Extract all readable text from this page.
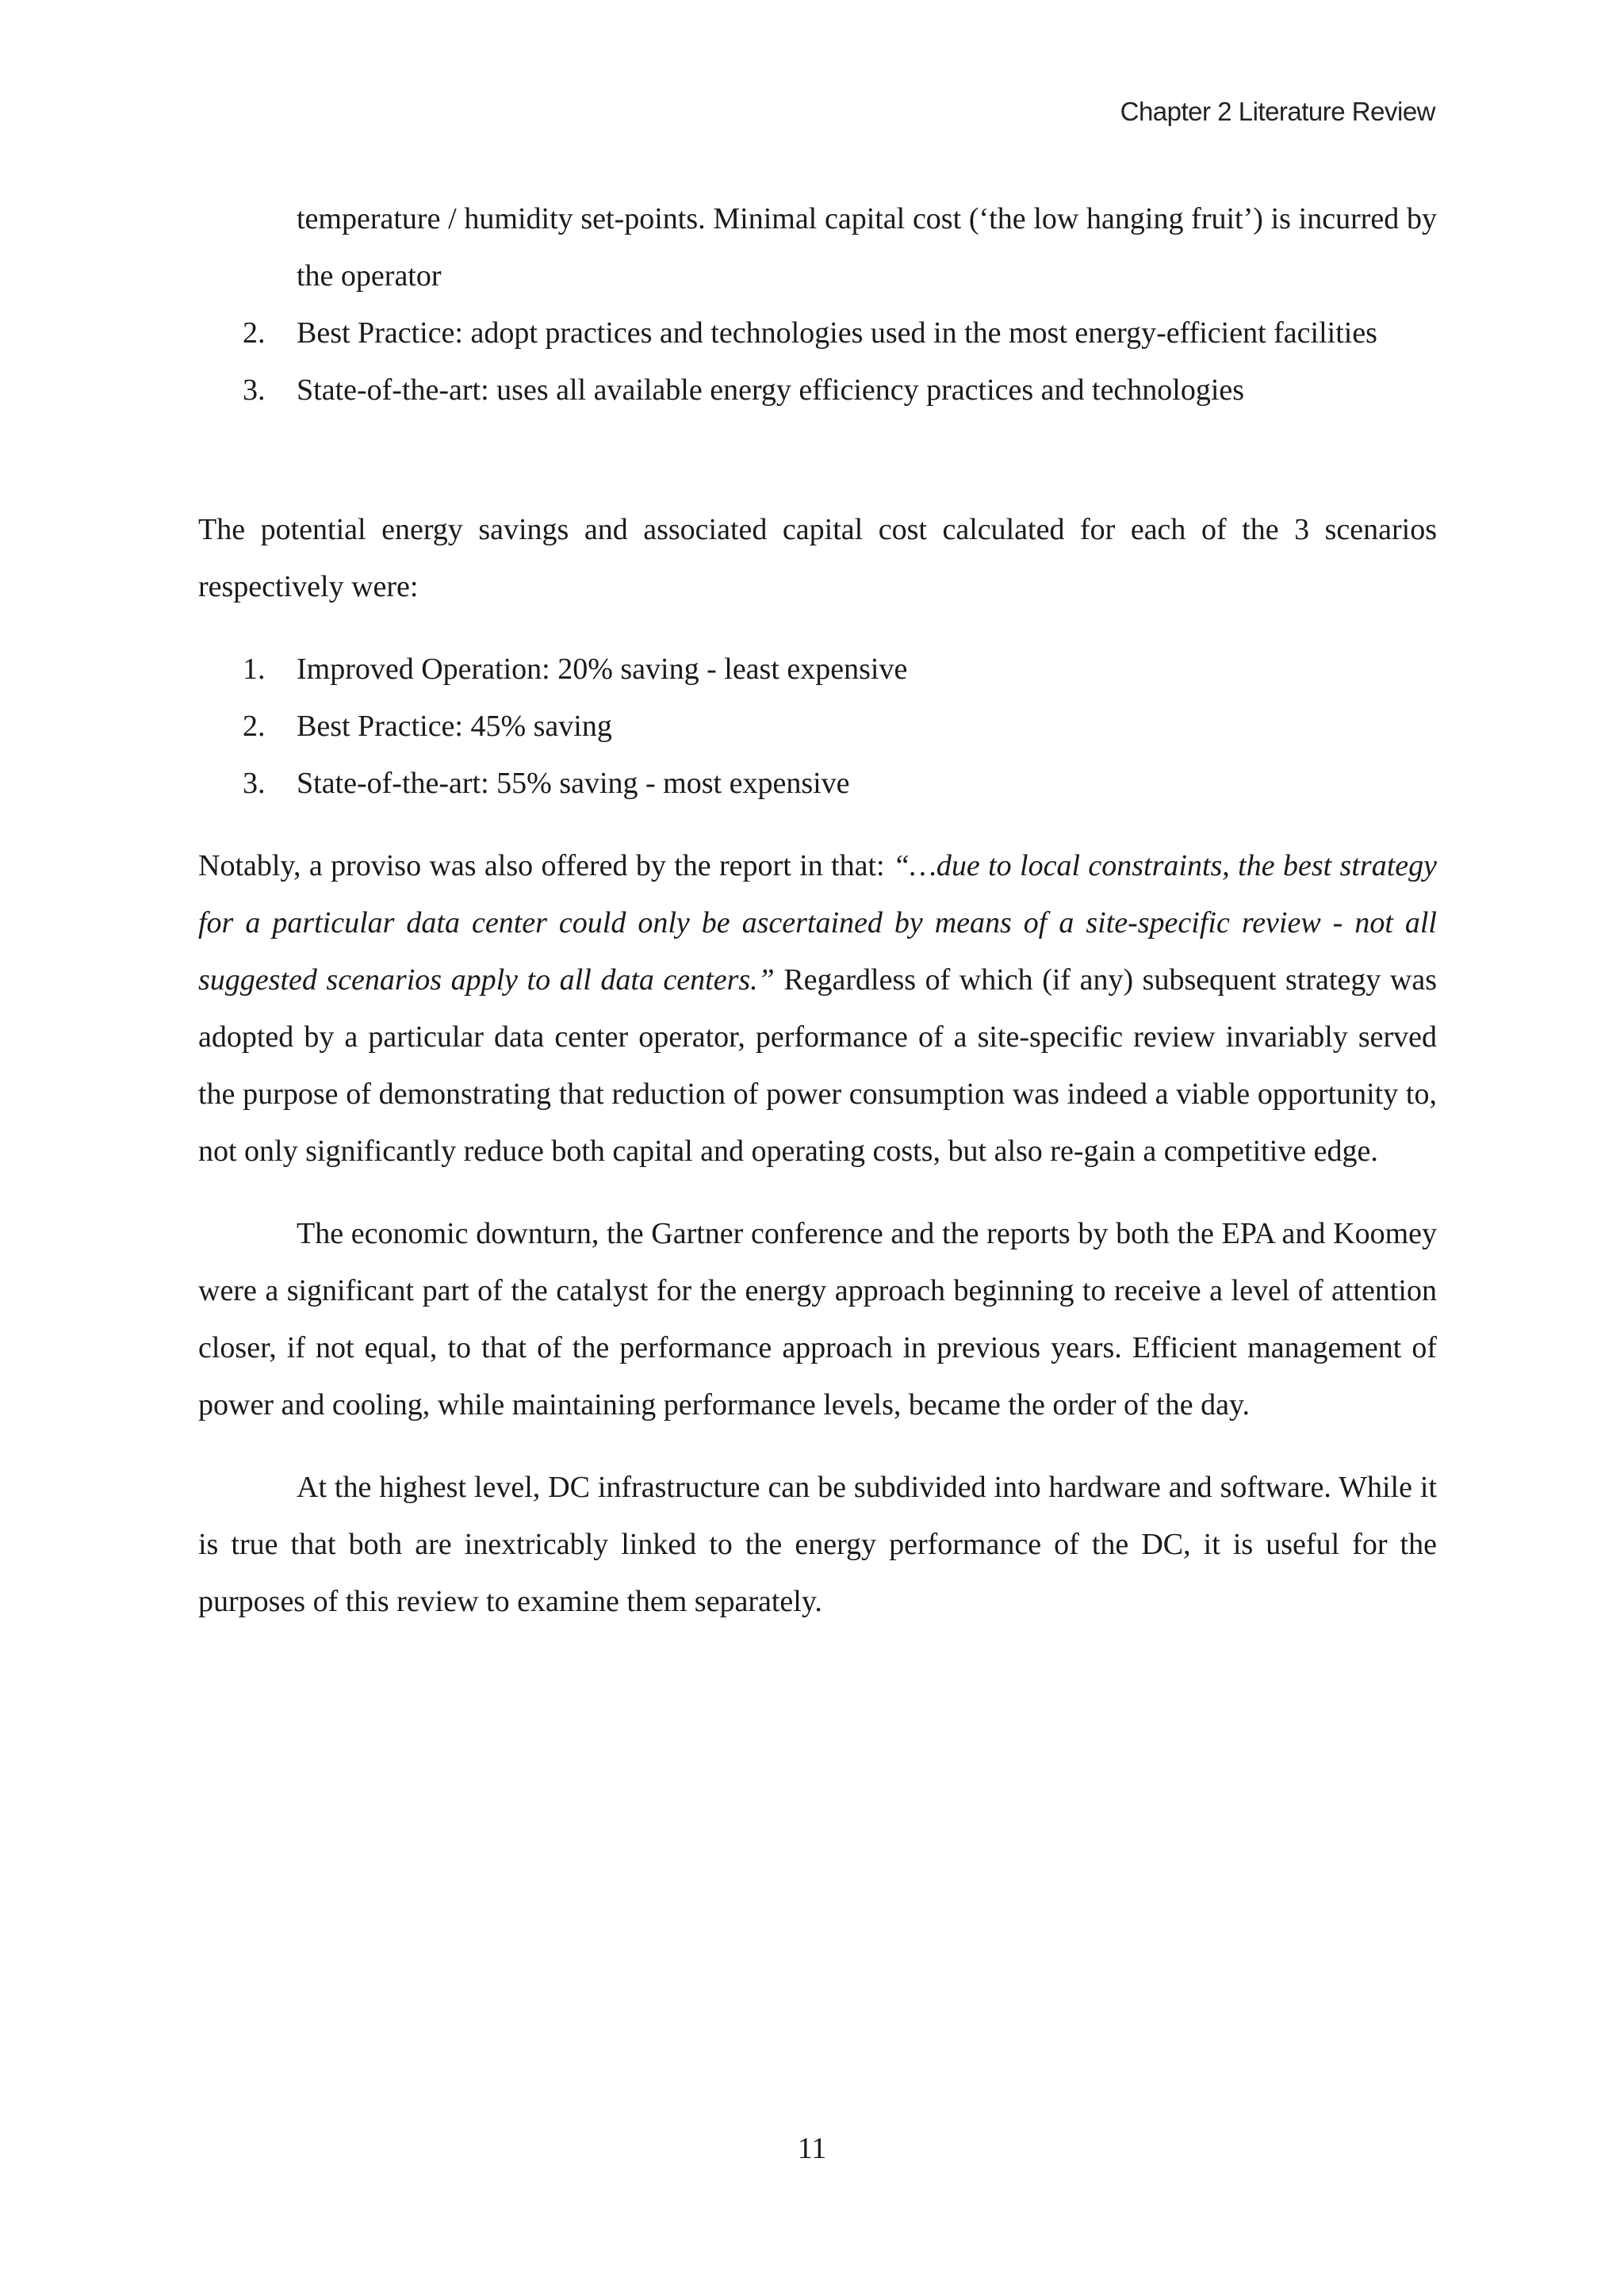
Chapter 2 Literature Review
temperature / humidity set-points. Minimal capital cost (‘the low hanging fruit’) is incurred by the operator
2. Best Practice: adopt practices and technologies used in the most energy-efficient facilities
3. State-of-the-art: uses all available energy efficiency practices and technologies

The potential energy savings and associated capital cost calculated for each of the 3 scenarios respectively were:

1. Improved Operation: 20% saving - least expensive
2. Best Practice: 45% saving
3. State-of-the-art: 55% saving - most expensive

Notably, a proviso was also offered by the report in that: “…due to local constraints, the best strategy for a particular data center could only be ascertained by means of a site-specific review - not all suggested scenarios apply to all data centers.” Regardless of which (if any) subsequent strategy was adopted by a particular data center operator, performance of a site-specific review invariably served the purpose of demonstrating that reduction of power consumption was indeed a viable opportunity to, not only significantly reduce both capital and operating costs, but also re-gain a competitive edge.

The economic downturn, the Gartner conference and the reports by both the EPA and Koomey were a significant part of the catalyst for the energy approach beginning to receive a level of attention closer, if not equal, to that of the performance approach in previous years. Efficient management of power and cooling, while maintaining performance levels, became the order of the day.

At the highest level, DC infrastructure can be subdivided into hardware and software. While it is true that both are inextricably linked to the energy performance of the DC, it is useful for the purposes of this review to examine them separately.

11
